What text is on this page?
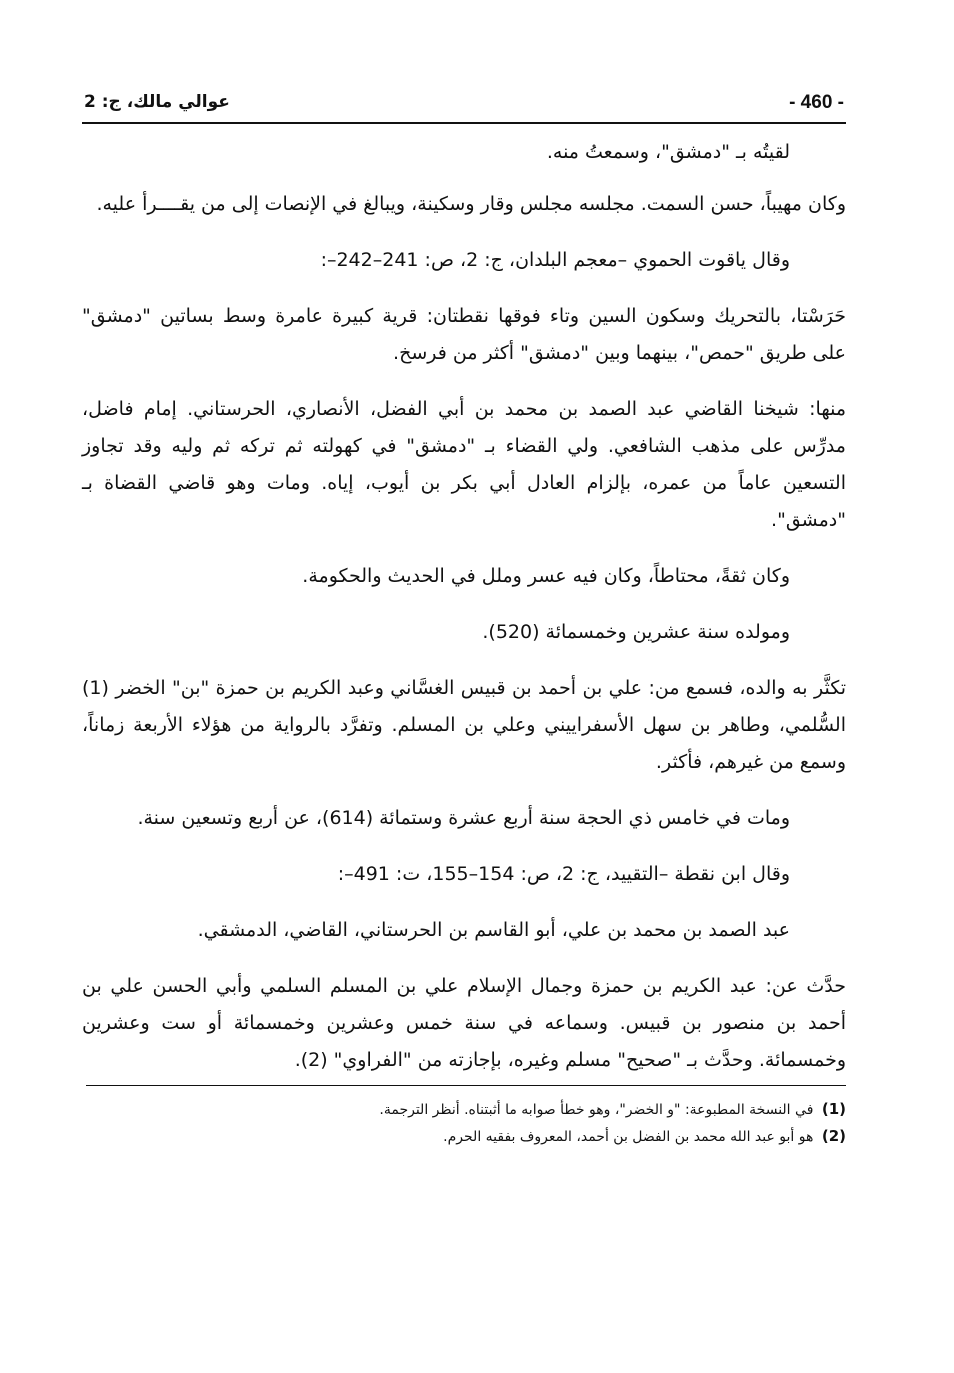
- 460 -
عوالي مالك، ج: 2

لقيتُه بـ "دمشق"، وسمعتُ منه.

وكان مهيباً، حسن السمت. مجلسه مجلس وقار وسكينة، ويبالغ في الإنصات إلى من يقــــرأ عليه.

وقال ياقوت الحموي –معجم البلدان، ج: 2، ص: 241–242–:

حَرَسْتا، بالتحريك وسكون السين وتاء فوقها نقطتان: قرية كبيرة عامرة وسط بساتين "دمشق" على طريق "حمص"، بينهما وبين "دمشق" أكثر من فرسخ.

منها: شيخنا القاضي عبد الصمد بن محمد بن أبي الفضل، الأنصاري، الحرستاني. إمام فاضل، مدرِّس على مذهب الشافعي. ولي القضاء بـ "دمشق" في كهولته ثم تركه ثم وليه وقد تجاوز التسعين عاماً من عمره، بإلزام العادل أبي بكر بن أيوب، إياه. ومات وهو قاضي القضاة بـ "دمشق".

وكان ثقةً، محتاطاً، وكان فيه عسر وملل في الحديث والحكومة.

ومولده سنة عشرين وخمسمائة (520).

تكثَّر به والده، فسمع من: علي بن أحمد بن قبيس الغسَّاني وعبد الكريم بن حمزة "بن" الخضر (1) السُّلمي، وطاهر بن سهل الأسفراييني وعلي بن المسلم. وتفرَّد بالرواية من هؤلاء الأربعة زماناً، وسمع من غيرهم، فأكثر.

ومات في خامس ذي الحجة سنة أربع عشرة وستمائة (614)، عن أربع وتسعين سنة.

وقال ابن نقطة –التقييد، ج: 2، ص: 154–155، ت: 491–:

عبد الصمد بن محمد بن علي، أبو القاسم بن الحرستاني، القاضي، الدمشقي.

حدَّث عن: عبد الكريم بن حمزة وجمال الإسلام علي بن المسلم السلمي وأبي الحسن علي بن أحمد بن منصور بن قبيس. وسماعه في سنة خمس وعشرين وخمسمائة أو ست وعشرين وخمسمائة. وحدَّث بـ "صحيح" مسلم وغيره، بإجازته من "الفراوي" (2).

(1) في النسخة المطبوعة: "و الخضر"، وهو خطأ صوابه ما أثبتناه. أنظر الترجمة.

(2) هو أبو عبد الله محمد بن الفضل بن أحمد، المعروف بفقيه الحرم.
